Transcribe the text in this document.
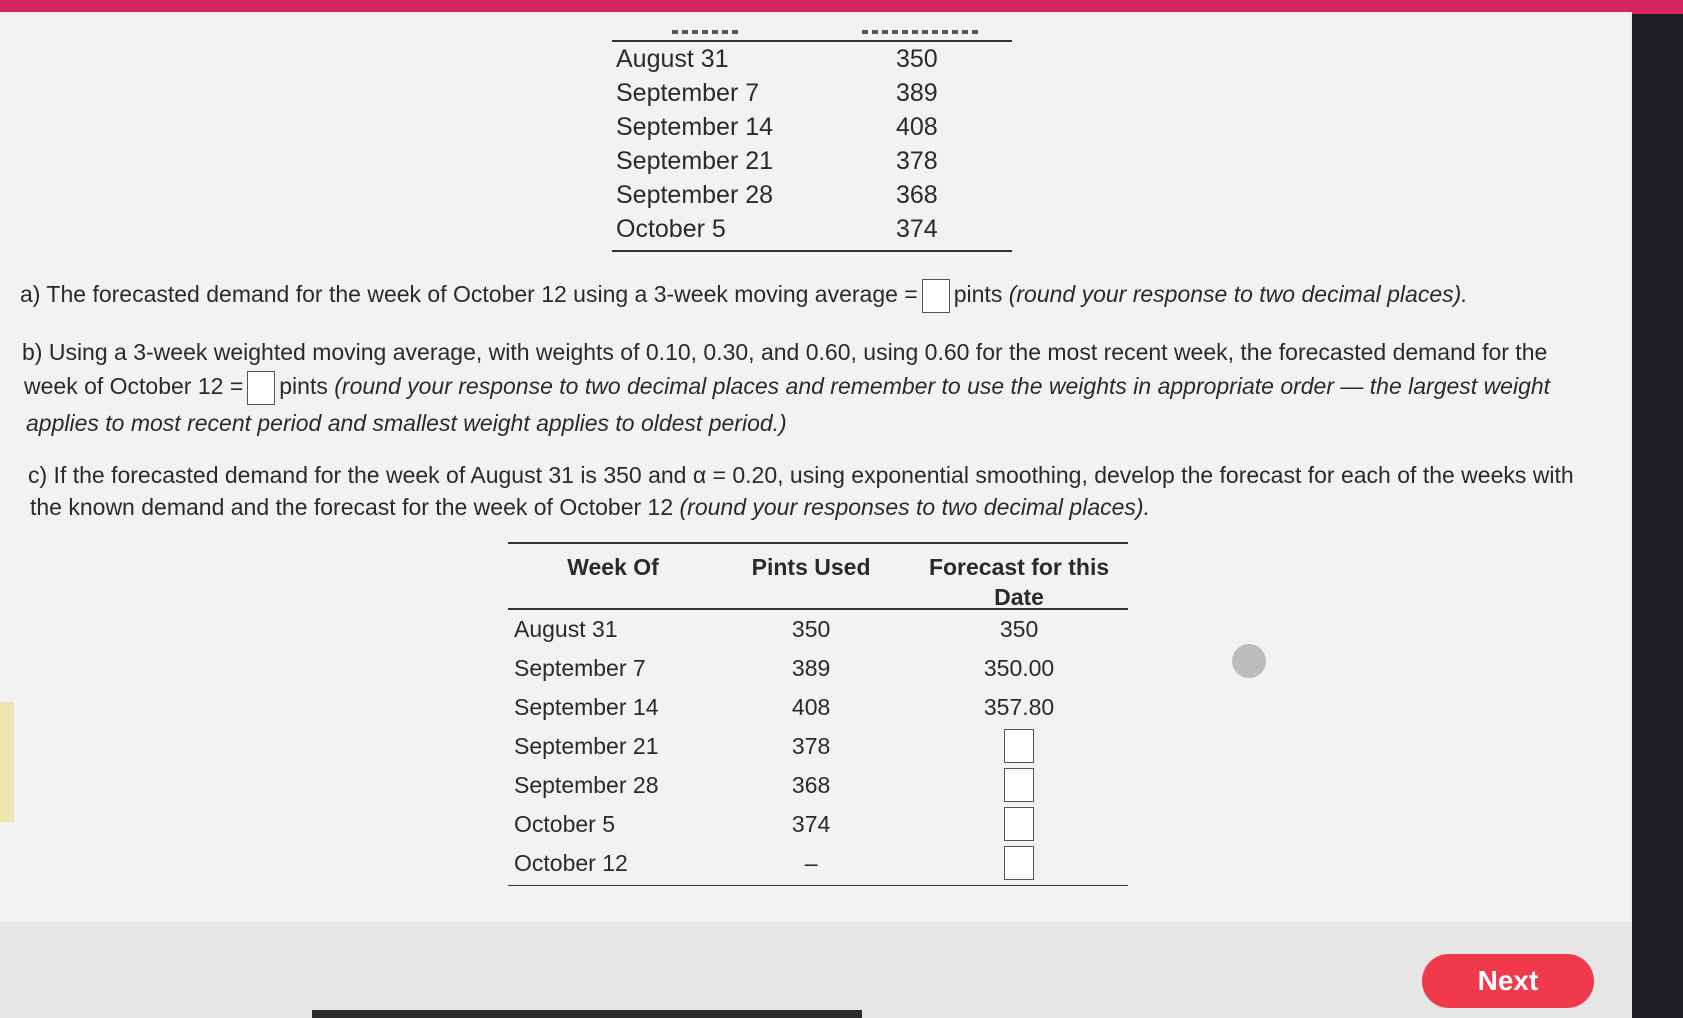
August 31	350
September 7	389
September 14	408
September 21	378
September 28	368
October 5	374
a) The forecasted demand for the week of October 12 using a 3-week moving average = pints (round your response to two decimal places).
b) Using a 3-week weighted moving average, with weights of 0.10, 0.30, and 0.60, using 0.60 for the most recent week, the forecasted demand for the
week of October 12 = pints (round your response to two decimal places and remember to use the weights in appropriate order — the largest weight
applies to most recent period and smallest weight applies to oldest period.)
c) If the forecasted demand for the week of August 31 is 350 and α = 0.20, using exponential smoothing, develop the forecast for each of the weeks with
the known demand and the forecast for the week of October 12 (round your responses to two decimal places).
Week Of	Pints Used	Forecast for this
Date
August 31	350	350
September 7	389	350.00
September 14	408	357.80
September 21	378
September 28	368
October 5	374
October 12	–
Next
